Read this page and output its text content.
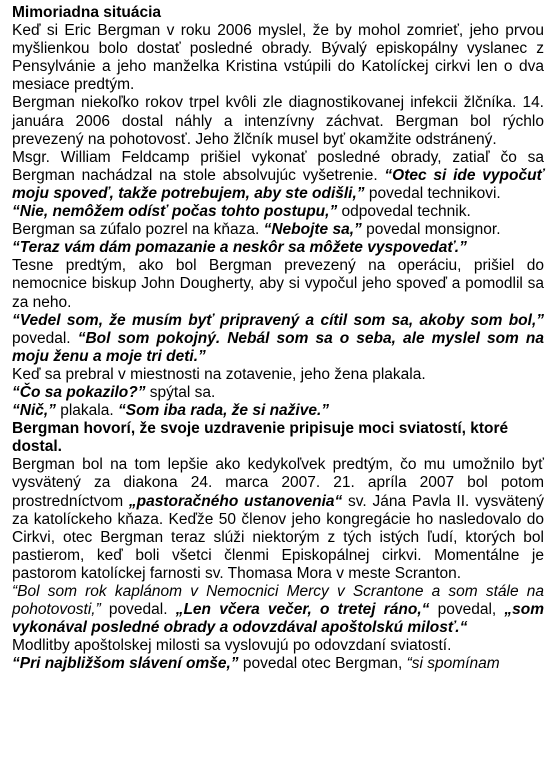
Mimoriadna situácia

Keď si Eric Bergman v roku 2006 myslel, že by mohol zomrieť, jeho prvou myšlienkou bolo dostať posledné obrady. Bývalý episkopálny vyslanec z Pensylvánie a jeho manželka Kristina vstúpili do Katolíckej cirkvi len o dva mesiace predtým.

Bergman niekoľko rokov trpel kvôli zle diagnostikovanej infekcii žlčníka. 14. januára 2006 dostal náhly a intenzívny záchvat. Bergman bol rýchlo prevezený na pohotovosť. Jeho žlčník musel byť okamžite odstránený.

Msgr. William Feldcamp prišiel vykonať posledné obrady, zatiaľ čo sa Bergman nachádzal na stole absolvujúc vyšetrenie. “Otec si ide vypočuť moju spoveď, takže potrebujem, aby ste odišli,” povedal technikovi.

“Nie, nemôžem odísť počas tohto postupu,” odpovedal technik.

Bergman sa zúfalo pozrel na kňaza. “Nebojte sa,” povedal monsignor.

“Teraz vám dám pomazanie a neskôr sa môžete vyspovedať.”

Tesne predtým, ako bol Bergman prevezený na operáciu, prišiel do nemocnice biskup John Dougherty, aby si vypočul jeho spoveď a pomodlil sa za neho.

“Vedel som, že musím byť pripravený a cítil som sa, akoby som bol,” povedal. “Bol som pokojný. Nebál som sa o seba, ale myslel som na moju ženu a moje tri deti.”

Keď sa prebral v miestnosti na zotavenie, jeho žena plakala.

“Čo sa pokazilo?” spýtal sa.

“Nič,” plakala. “Som iba rada, že si nažive.”

Bergman hovorí, že svoje uzdravenie pripisuje moci sviatostí, ktoré dostal.

Bergman bol na tom lepšie ako kedykoľvek predtým, čo mu umožnilo byť vysvätený za diakona 24. marca 2007. 21. apríla 2007 bol potom prostredníctvom „pastoračného ustanovenia“ sv. Jána Pavla II. vysvätený za katolíckeho kňaza. Keďže 50 členov jeho kongregácie ho nasledovalo do Cirkvi, otec Bergman teraz slúži niektorým z tých istých ľudí, ktorých bol pastierom, keď boli všetci členmi Episkopálnej cirkvi. Momentálne je pastorom katolíckej farnosti sv. Thomasa Mora v meste Scranton.

“Bol som rok kaplánom v Nemocnici Mercy v Scrantone a som stále na pohotovosti,” povedal. „Len včera večer, o tretej ráno,“ povedal, „som vykonával posledné obrady a odovzdával apoštolskú milosť.“

Modlitby apoštolskej milosti sa vyslovujú po odovzdaní sviatostí.

“Pri najbližšom slávení omše,” povedal otec Bergman, “si spomínam
